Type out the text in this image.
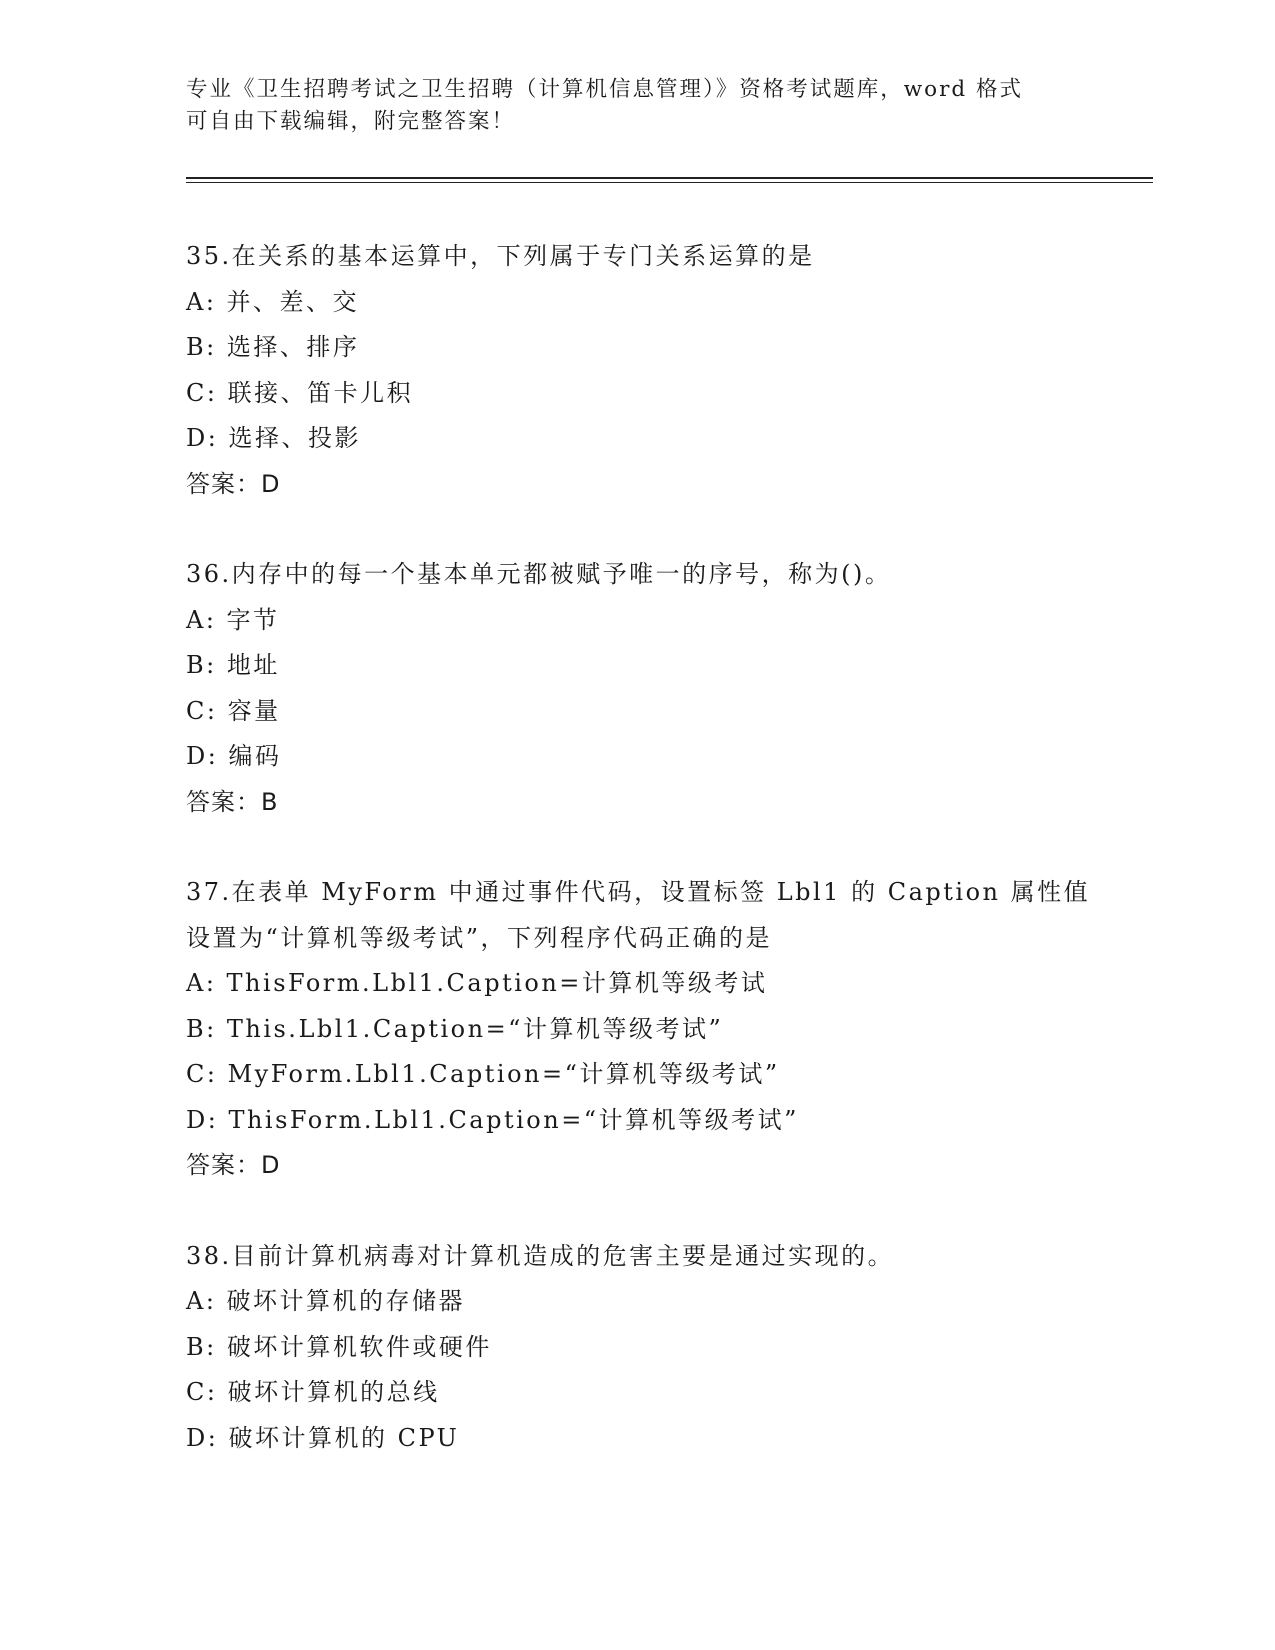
专业《卫生招聘考试之卫生招聘（计算机信息管理）》资格考试题库，word 格式
可自由下载编辑，附完整答案！
35.在关系的基本运算中，下列属于专门关系运算的是
A: 并、差、交
B: 选择、排序
C: 联接、笛卡儿积
D: 选择、投影
答案：D
36.内存中的每一个基本单元都被赋予唯一的序号，称为()。
A: 字节
B: 地址
C: 容量
D: 编码
答案：B
37.在表单 MyForm 中通过事件代码，设置标签 Lbl1 的 Caption 属性值
设置为“计算机等级考试”，下列程序代码正确的是
A: ThisForm.Lbl1.Caption=计算机等级考试
B: This.Lbl1.Caption=“计算机等级考试”
C: MyForm.Lbl1.Caption=“计算机等级考试”
D: ThisForm.Lbl1.Caption=“计算机等级考试”
答案：D
38.目前计算机病毒对计算机造成的危害主要是通过实现的。
A: 破坏计算机的存储器
B: 破坏计算机软件或硬件
C: 破坏计算机的总线
D: 破坏计算机的 CPU
